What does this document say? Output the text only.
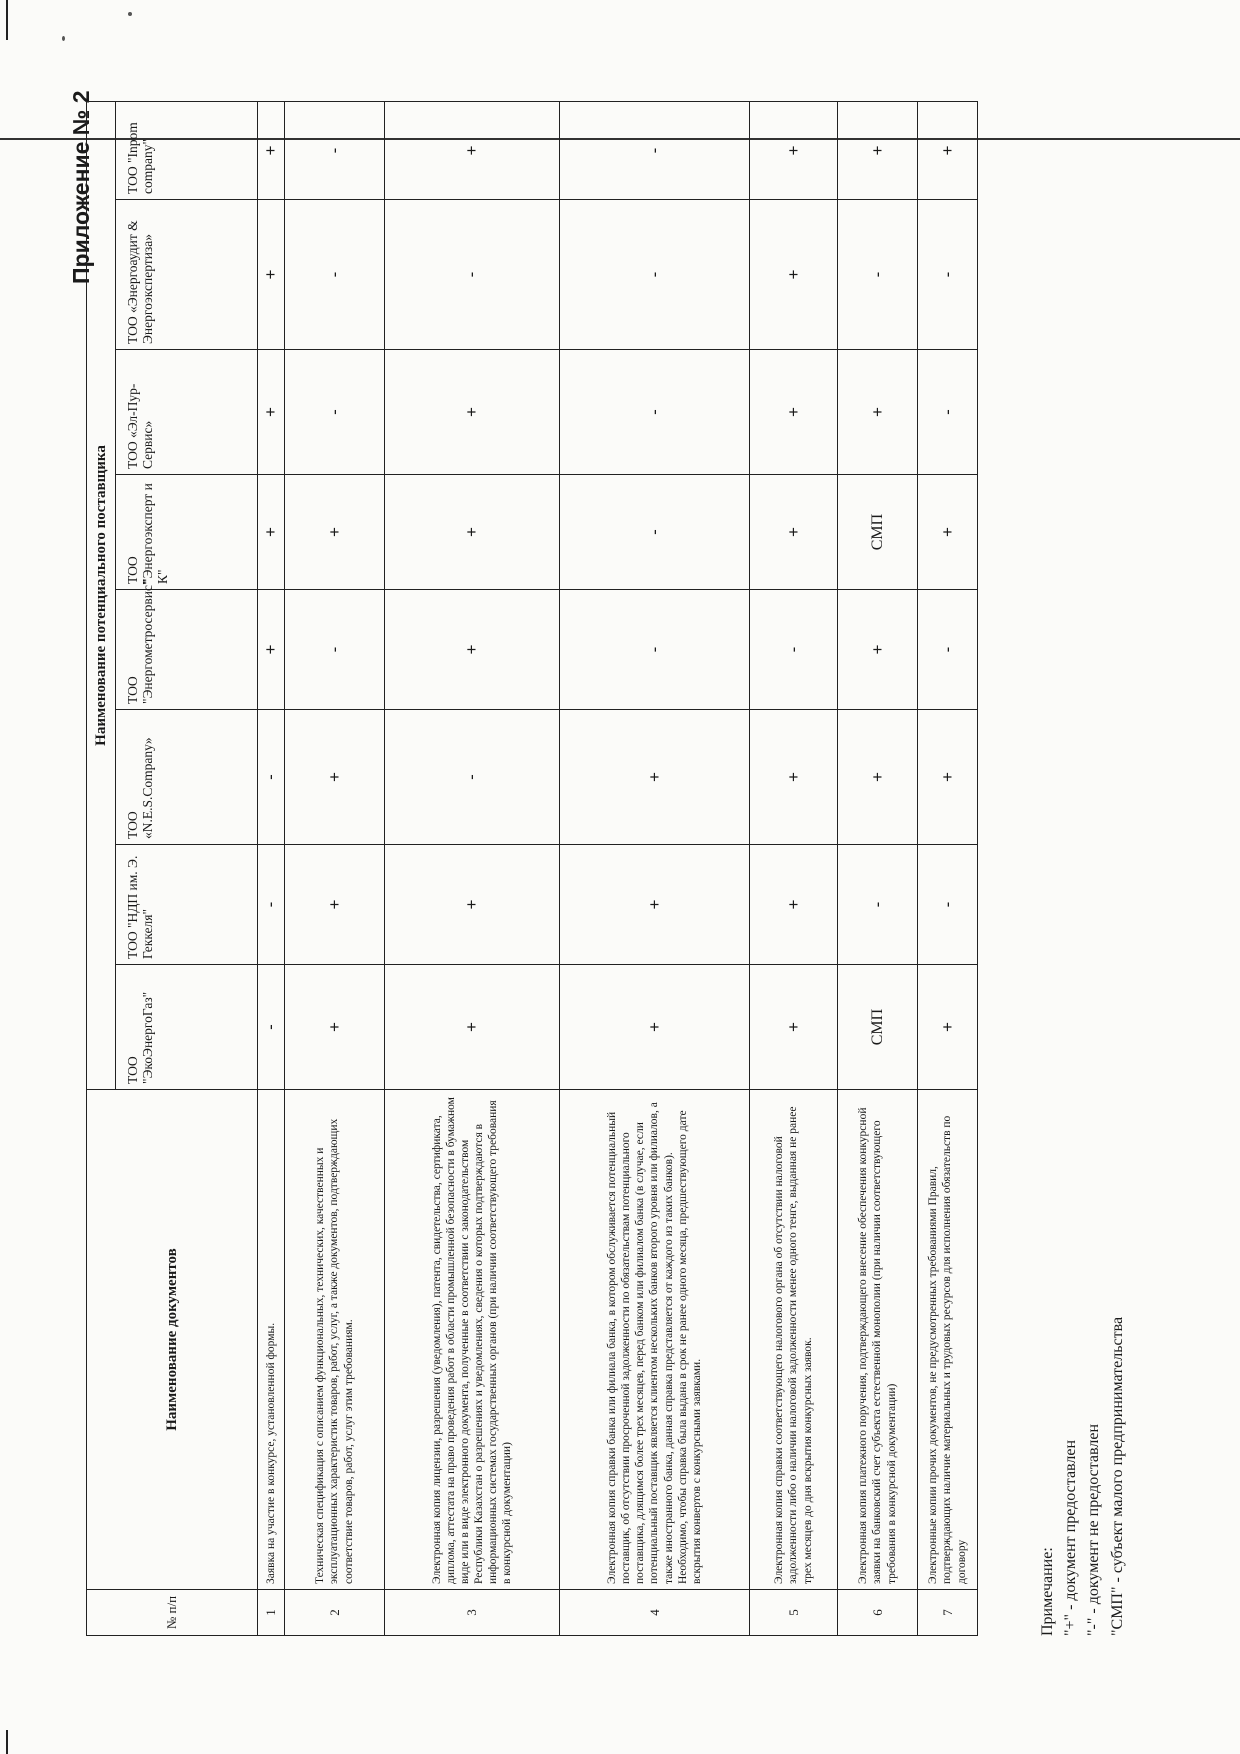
Приложение № 2
№ п/п	Наименование документов	Наименование потенциального поставщика							
		ТОО "ЭкоЭнергоГаз"	ТОО "НДП им. Э. Геккеля"	ТОО «N.E.S.Company»	ТОО "Энергометросервис"	ТОО "Энергоэксперт и К"	ТОО «Эл-Пур-Сервис»	ТОО «Энергоаудит & Энергоэкспертиза»	ТОО "Inpom company"
1	Заявка на участие в конкурсе, установленной формы.	-	-	-	+	+	+	+	+
2	Техническая спецификация с описанием функциональных, технических, качественных и эксплуатационных характеристик товаров, работ, услуг, а также документов, подтверждающих соответствие товаров, работ, услуг этим требованиям.	+	+	+	-	+	-	-	-
3	Электронная копия лицензии, разрешения (уведомления), патента, свидетельства, сертификата, диплома, аттестата на право проведения работ в области промышленной безопасности в бумажном виде или в виде электронного документа, полученные в соответствии с законодательством Республики Казахстан о разрешениях и уведомлениях, сведения о которых подтверждаются в информационных системах государственных органов (при наличии соответствующего требования в конкурсной документации)	+	+	-	+	+	+	-	+
4	Электронная копия справки банка или филиала банка, в котором обслуживается потенциальный поставщик, об отсутствии просроченной задолженности по обязательствам потенциального поставщика, длящимся более трех месяцев, перед банком или филиалом банка (в случае, если потенциальный поставщик является клиентом нескольких банков второго уровня или филиалов, а также иностранного банка, данная справка представляется от каждого из таких банков). Необходимо, чтобы справка была выдана в срок не ранее одного месяца, предшествующего дате вскрытия конвертов с конкурсными заявками.	+	+	+	-	-	-	-	-
5	Электронная копия справки соответствующего налогового органа об отсутствии налоговой задолженности либо о наличии налоговой задолженности менее одного тенге, выданная не ранее трех месяцев до дня вскрытия конкурсных заявок.	+	+	+	-	+	+	+	+
6	Электронная копия платежного поручения, подтверждающего внесение обеспечения конкурсной заявки на банковский счет субъекта естественной монополии (при наличии соответствующего требования в конкурсной документации)	СМП	-	+	+	СМП	+	-	+
7	Электронные копии прочих документов, не предусмотренных требованиями Правил, подтверждающих наличие материальных и трудовых ресурсов для исполнения обязательств по договору	+	-	+	-	+	-	-	+
Примечание: "+" - документ предоставлен "-" - документ не предоставлен "СМП" - субъект малого предпринимательства
